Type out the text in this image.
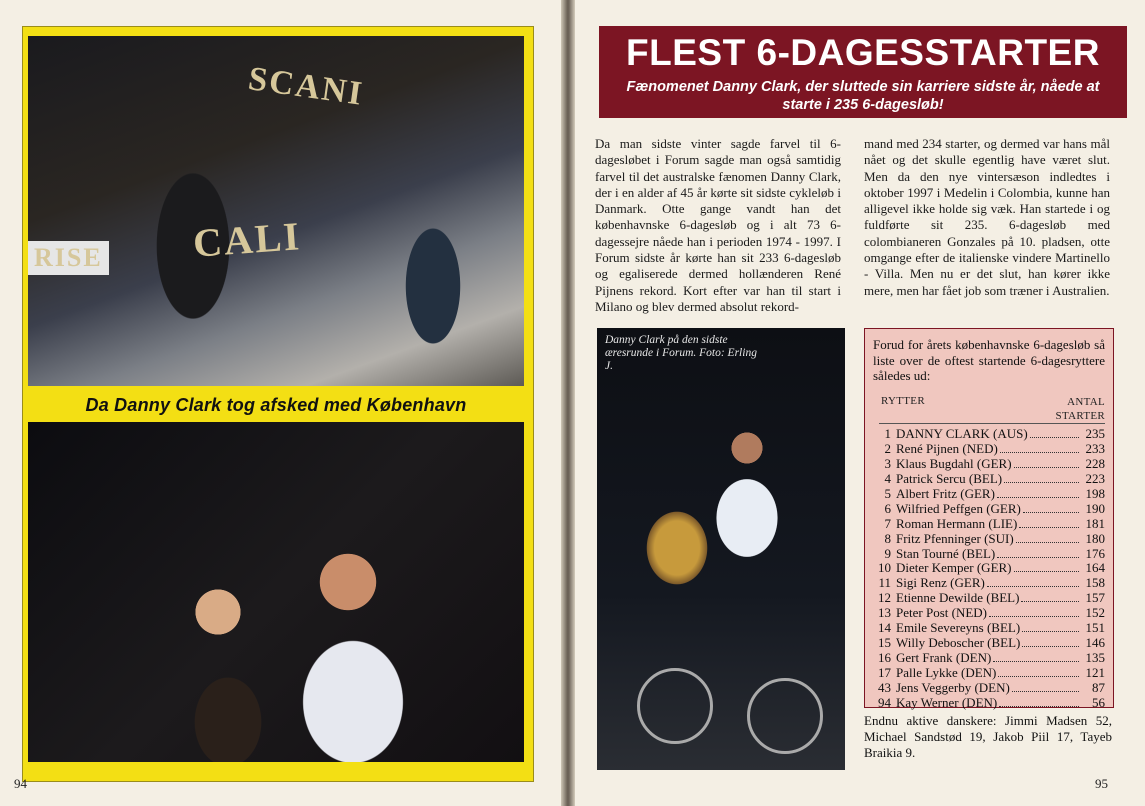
SCANI
CALI
RISE
Da Danny Clark tog afsked med København
94
FLEST 6-DAGESSTARTER
Fænomenet Danny Clark, der sluttede sin karriere sidste år, nåede at starte i 235 6-dagesløb!
Da man sidste vinter sagde farvel til 6-dagesløbet i Forum sagde man også samtidig farvel til det australske fænomen Danny Clark, der i en alder af 45 år kørte sit sidste cykleløb i Danmark. Otte gange vandt han det københavnske 6-dagesløb og i alt 73 6-dagessejre nåede han i perioden 1974 - 1997. I Forum sidste år kørte han sit 233 6-dagesløb og egaliserede dermed hollænderen René Pijnens rekord. Kort efter var han til start i Milano og blev dermed absolut rekord-
mand med 234 starter, og dermed var hans mål nået og det skulle egentlig have været slut. Men da den nye vintersæson indledtes i oktober 1997 i Medelin i Colombia, kunne han alligevel ikke holde sig væk. Han startede i og fuldførte sit 235. 6-dagesløb med colombianeren Gonzales på 10. pladsen, otte omgange efter de italienske vindere Martinello - Villa. Men nu er det slut, han kører ikke mere, men har fået job som træner i Australien.
Danny Clark på den sidste æresrunde i Forum. Foto: Erling J.
Forud for årets københavnske 6-dagesløb så liste over de oftest startende 6-dagesryttere således ud:
RYTTER	ANTAL
STARTER
1 DANNY CLARK (AUS)	235
2 René Pijnen (NED)	233
3 Klaus Bugdahl (GER)	228
4 Patrick Sercu (BEL)	223
5 Albert Fritz (GER)	198
6 Wilfried Peffgen (GER)	190
7 Roman Hermann (LIE)	181
8 Fritz Pfenninger (SUI)	180
9 Stan Tourné (BEL)	176
10 Dieter Kemper (GER)	164
11 Sigi Renz (GER)	158
12 Etienne Dewilde (BEL)	157
13 Peter Post (NED)	152
14 Emile Severeyns (BEL)	151
15 Willy Deboscher (BEL)	146
16 Gert Frank (DEN)	135
17 Palle Lykke (DEN)	121
43 Jens Veggerby (DEN)	87
94 Kay Werner (DEN)	56
Endnu aktive danskere: Jimmi Madsen 52, Michael Sandstød 19, Jakob Piil 17, Tayeb Braikia 9.
95
